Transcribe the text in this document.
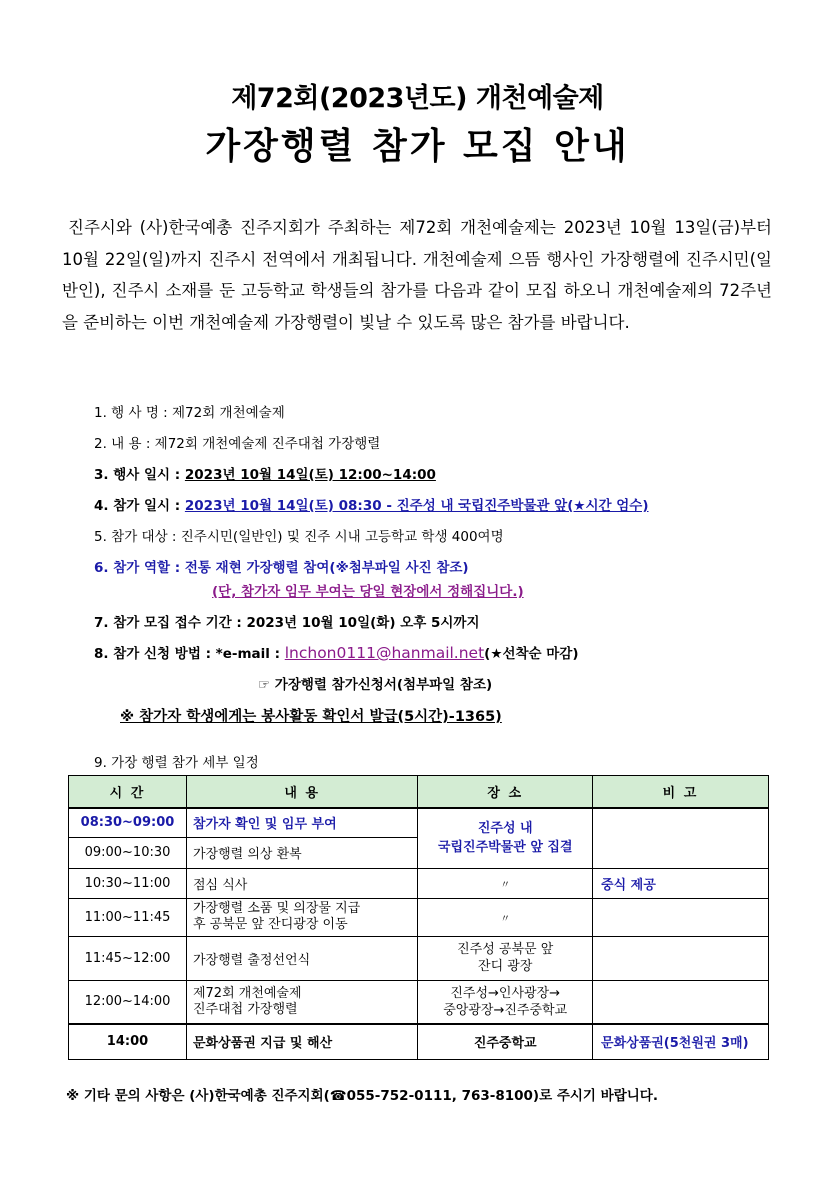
제72회(2023년도) 개천예술제
가장행렬 참가 모집 안내

진주시와 (사)한국예총 진주지회가 주최하는 제72회 개천예술제는 2023년 10월 13일(금)부터 10월 22일(일)까지 진주시 전역에서 개최됩니다. 개천예술제 으뜸 행사인 가장행렬에 진주시민(일반인), 진주시 소재를 둔 고등학교 학생들의 참가를 다음과 같이 모집 하오니 개천예술제의 72주년을 준비하는 이번 개천예술제 가장행렬이 빛날 수 있도록 많은 참가를 바랍니다.

1. 행 사 명 : 제72회 개천예술제
2. 내 용 : 제72회 개천예술제 진주대첩 가장행렬
3. 행사 일시 : 2023년 10월 14일(토) 12:00~14:00
4. 참가 일시 : 2023년 10월 14일(토) 08:30 - 진주성 내 국립진주박물관 앞(★시간 엄수)
5. 참가 대상 : 진주시민(일반인) 및 진주 시내 고등학교 학생 400여명
6. 참가 역할 : 전통 재현 가장행렬 참여(※첨부파일 사진 참조)
(단, 참가자 임무 부여는 당일 현장에서 정해집니다.)
7. 참가 모집 접수 기간 : 2023년 10월 10일(화) 오후 5시까지
8. 참가 신청 방법 : *e-mail : lnchon0111@hanmail.net(★선착순 마감)
☞ 가장행렬 참가신청서(첨부파일 참조)
※ 참가자 학생에게는 봉사활동 확인서 발급(5시간)-1365)
9. 가장 행렬 참가 세부 일정
시 간	내 용	장 소	비 고
08:30~09:00	참가자 확인 및 임무 부여	진주성 내
국립진주박물관 앞 집결	
09:00~10:30	가장행렬 의상 환복		
10:30~11:00	점심 식사	〃	중식 제공
11:00~11:45	가장행렬 소품 및 의장물 지급
후 공북문 앞 잔디광장 이동	〃	
11:45~12:00	가장행렬 출정선언식	진주성 공북문 앞
잔디 광장	
12:00~14:00	제72회 개천예술제
진주대첩 가장행렬	진주성→인사광장→
중앙광장→진주중학교	
14:00	문화상품권 지급 및 해산	진주중학교	문화상품권(5천원권 3매)
※ 기타 문의 사항은 (사)한국예총 진주지회(☎055-752-0111, 763-8100)로 주시기 바랍니다.
